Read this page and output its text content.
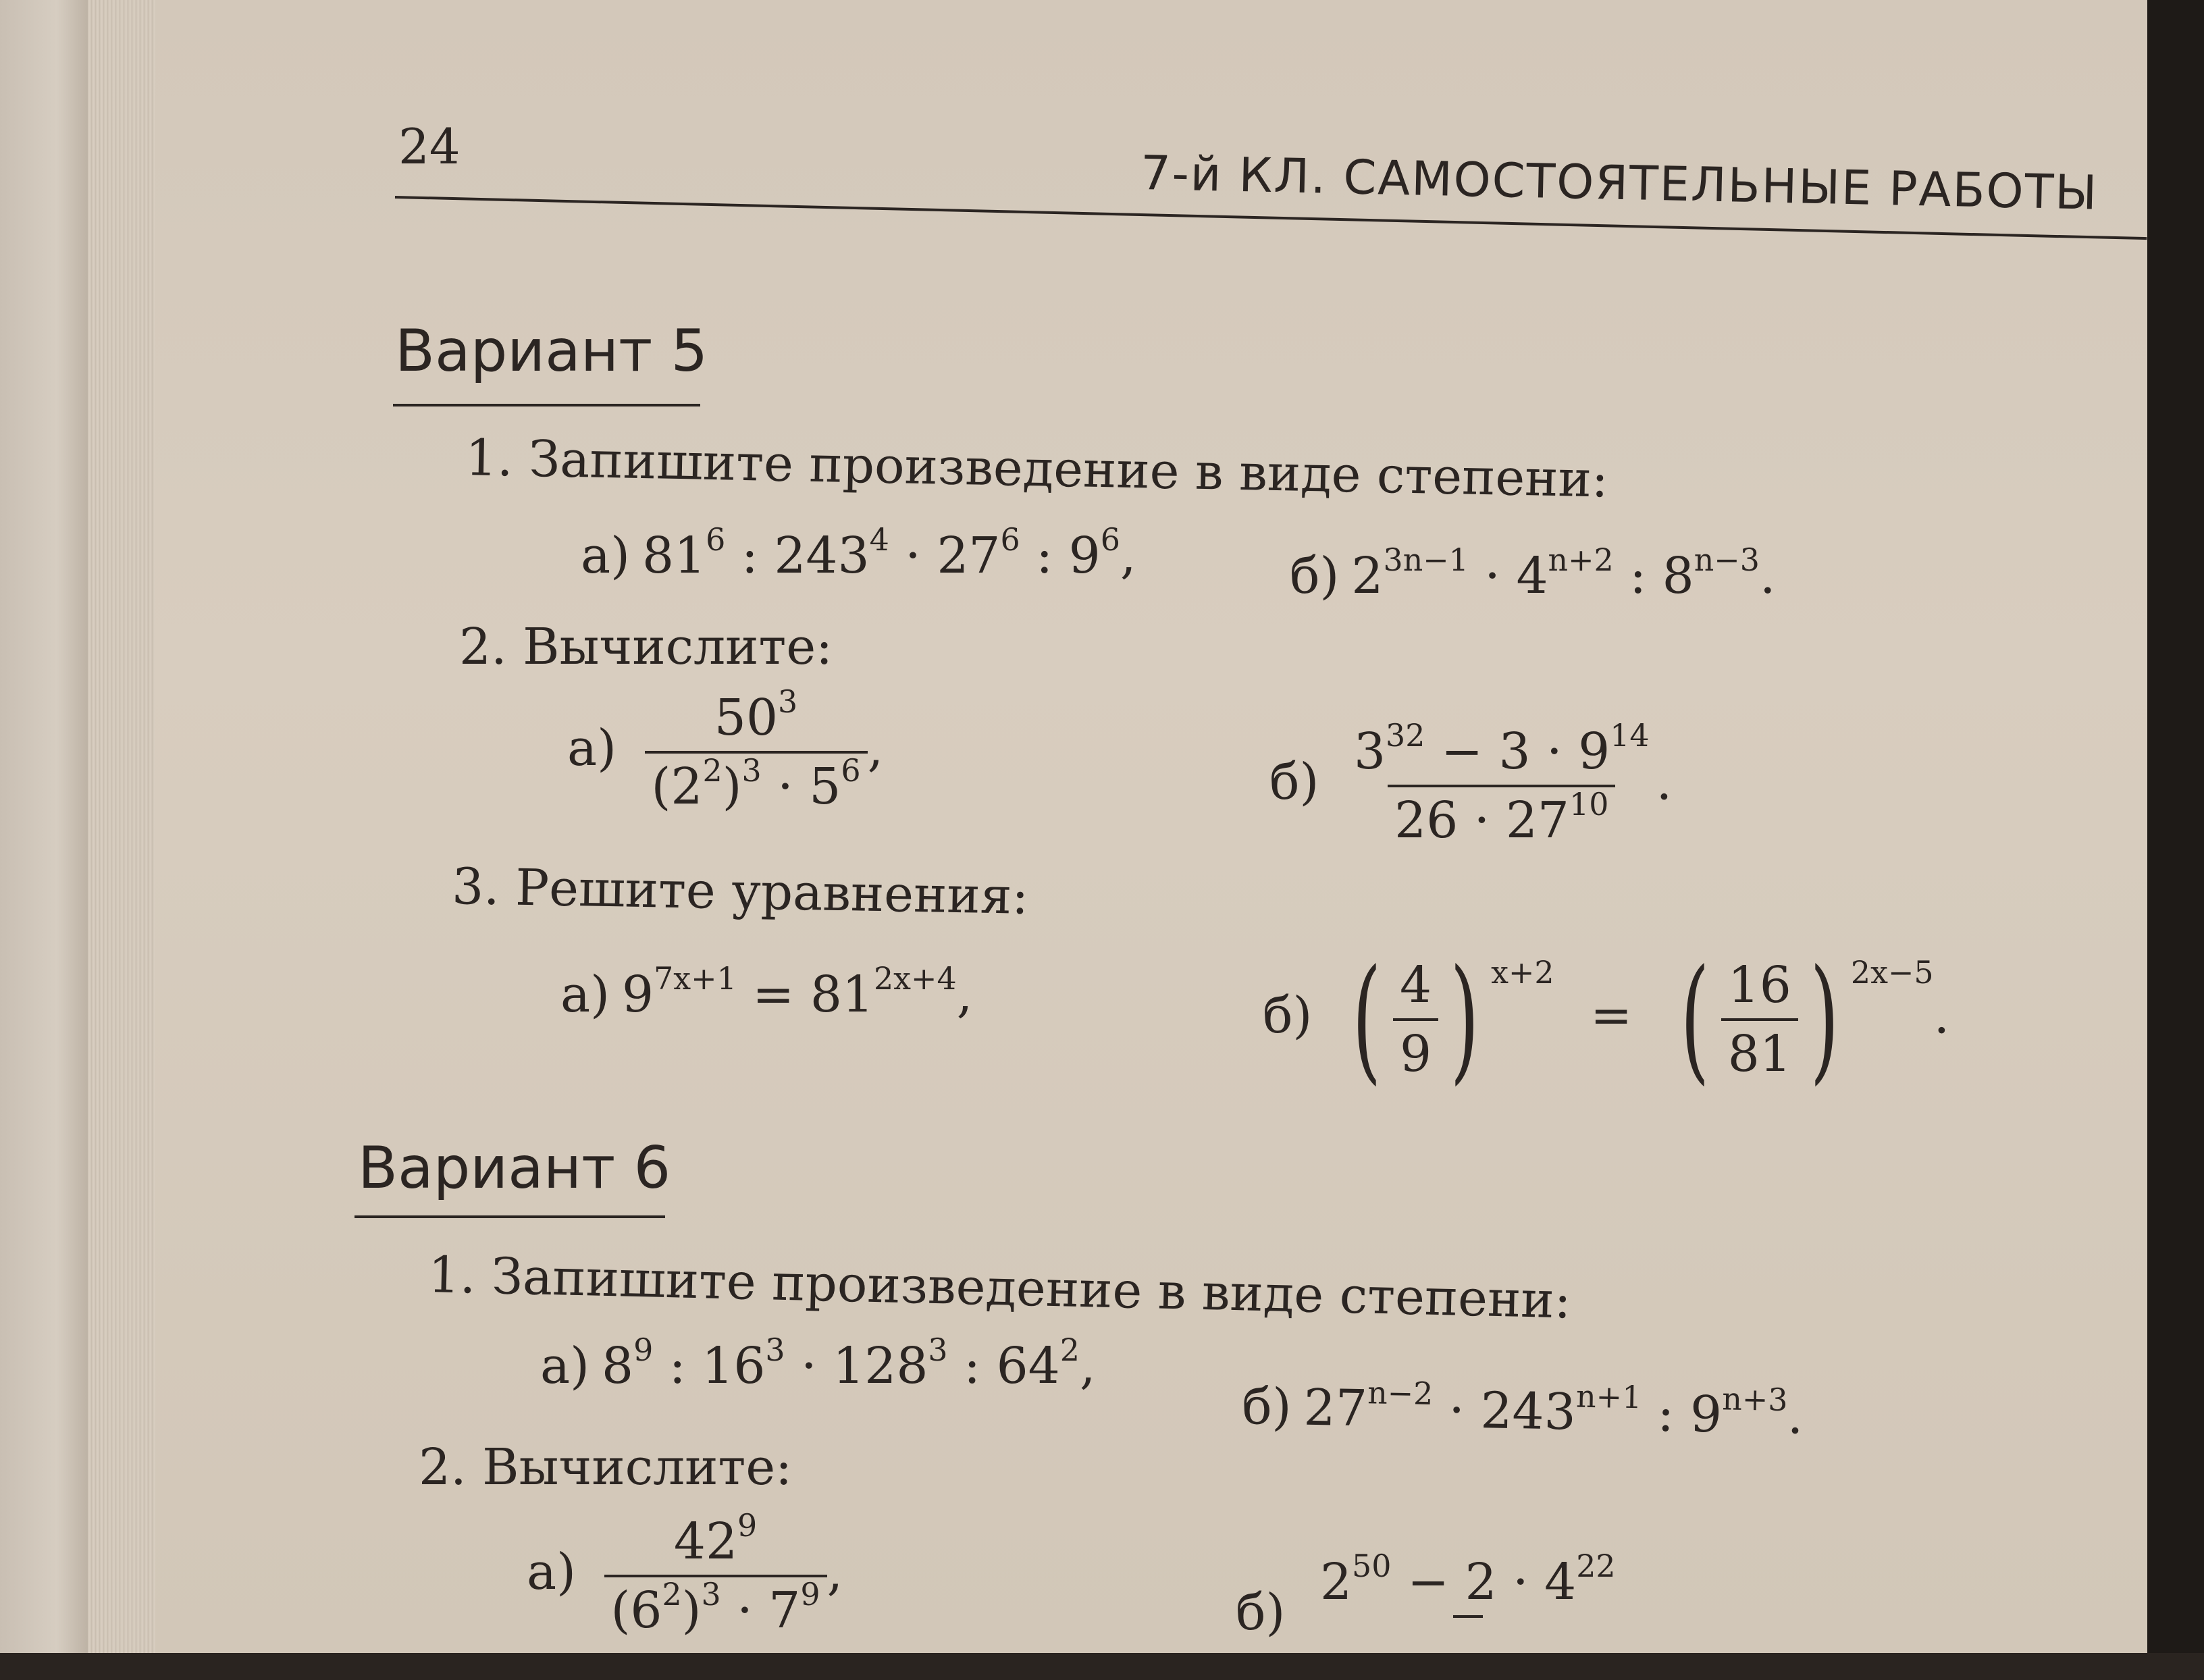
24	7-й КЛ. САМОСТОЯТЕЛЬНЫЕ РАБОТЫ
Вариант 5
1. Запишите произведение в виде степени:
а) $81^6$ : $243^4 \cdot 27^6$ : $9^6$,	б) $2^{3n-1} \cdot 4^{n+2}$ : $8^{n-3}$.
2. Вычислите:
$а) \frac{50^3}{(2^2)^3 \cdot 5^6}$ ,
$б) \frac{3^{32} - 3 \cdot 9^{14}}{26 \cdot 27^{10}}$ .
3. Решите уравнения:
а) $9^{7x+1} = 81^{2x+4}$,	б) ( $\frac{4}{9}$ ) $^{x+2}$ = ( $\frac{16}{81}$ ) $^{2x-5}$.
Вариант 6
1. Запишите произведение в виде степени:
а) $8^9$ : $16^3 \cdot 128^3$ : $64^2$,
б) $27^{n-2} \cdot 243^{n+1}$ : $9^{n+3}$.
2. Вычислите:
$а) \frac{42^9}{(6^2)^3 \cdot 7^9}$ ,
б)
$2^{50} - 2 \cdot 4^{22}$
